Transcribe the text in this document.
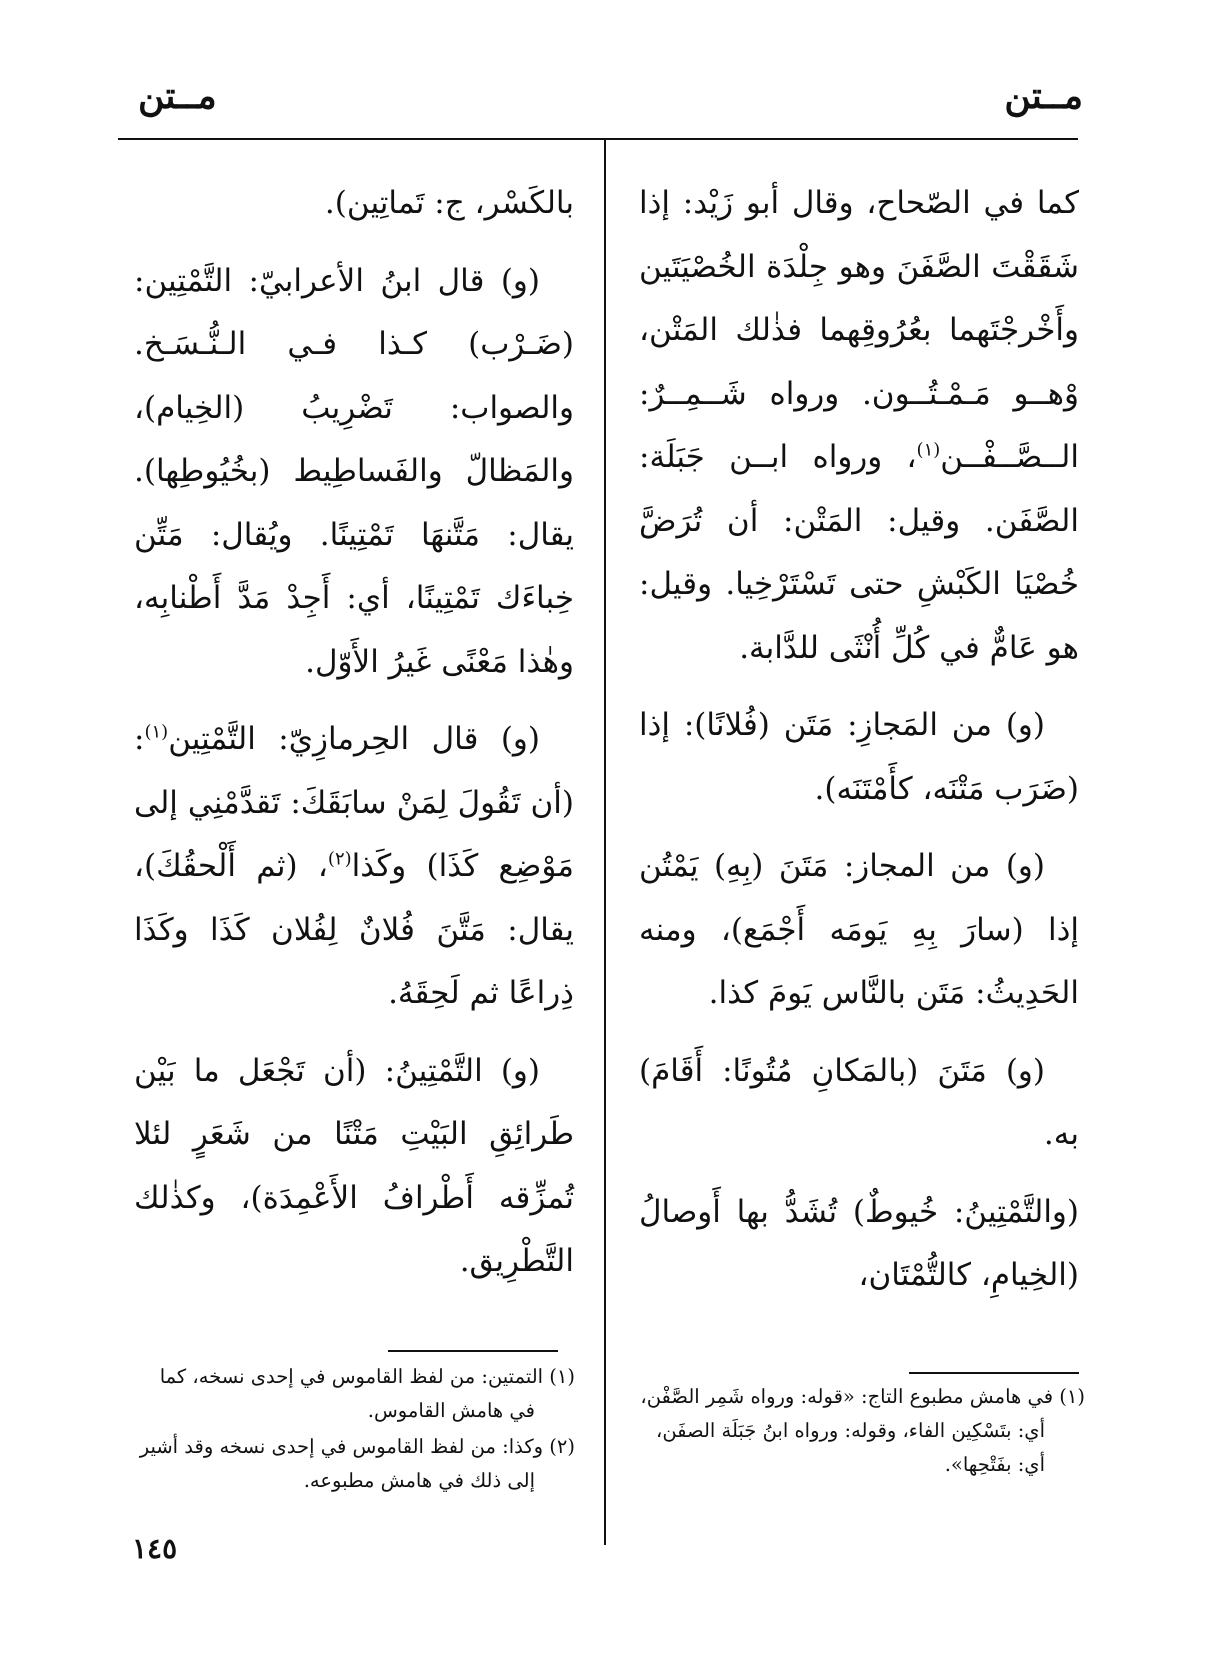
مــتن
مــتن

كما في الصّحاح، وقال أبو زَيْد: إذا شَقَقْتَ الصَّفَنَ وهو جِلْدَة الخُصْيَتَين وأَخْرجْتَهما بعُرُوقِهما فذٰلك المَتْن، وْهــو مَـمْـتُــون. ورواه شَــمِــرٌ: الــصَّــفْــن$^{(١)}$، ورواه ابــن جَبَلَة: الصَّفَن. وقيل: المَتْن: أن تُرَضَّ خُصْيَا الكَبْشِ حتى تَسْتَرْخِيا. وقيل: هو عَامٌّ في كُلِّ أُنْثَى للدَّابة.

(و) من المَجازِ: مَتَن (فُلانًا): إذا (ضَرَب مَتْنَه، كأَمْتَنَه).

(و) من المجاز: مَتَنَ (بِهِ) يَمْتُن إذا (سارَ بِهِ يَومَه أَجْمَع)، ومنه الحَدِيثُ: مَتَن بالنَّاس يَومَ كذا.

(و) مَتَنَ (بالمَكانِ مُتُونًا: أَقَامَ) به.

(والتَّمْتِينُ: خُيوطٌ) تُشَدُّ بها أَوصالُ (الخِيامِ، كالتُّمْتَان،

بالكَسْر، ج: تَماتِين).

(و) قال ابنُ الأعرابيّ: التَّمْتِين: (ضَـرْب) كـذا فـي الـنُّـسَـخ. والصواب: تَضْرِيبُ (الخِيام)، والمَظالّ والفَساطِيط (بخُيُوطِها). يقال: مَتَّنهَا تَمْتِينًا. ويُقال: مَتِّن خِباءَك تَمْتِينًا، أي: أَجِدْ مَدَّ أَطْنابِه، وهٰذا مَعْنًى غَيرُ الأَوّل.

(و) قال الحِرمازِيّ: التَّمْتِين$^{(١)}$: (أن تَقُولَ لِمَنْ سابَقَكَ: تَقدَّمْنِي إلى مَوْضِع كَذَا) وكَذا$^{(٢)}$، (ثم أَلْحقُكَ)، يقال: مَتَّنَ فُلانٌ لِفُلان كَذَا وكَذَا ذِراعًا ثم لَحِقَهُ.

(و) التَّمْتِينُ: (أن تَجْعَل ما بَيْن طَرائِقِ البَيْتِ مَتْنًا من شَعَرٍ لئلا تُمزِّقه أَطْرافُ الأَعْمِدَة)، وكذٰلك التَّطْرِيق.

(١) في هامش مطبوع التاج: «قوله: ورواه شَمِر الصَّفْن، أي: بتَسْكِين الفاء، وقوله: ورواه ابنُ جَبَلَة الصفَن، أي: بفَتْحِها».
(١) التمتين: من لفظ القاموس في إحدى نسخه، كما في هامش القاموس.
(٢) وكذا: من لفظ القاموس في إحدى نسخه وقد أشير إلى ذلك في هامش مطبوعه.
١٤٥
